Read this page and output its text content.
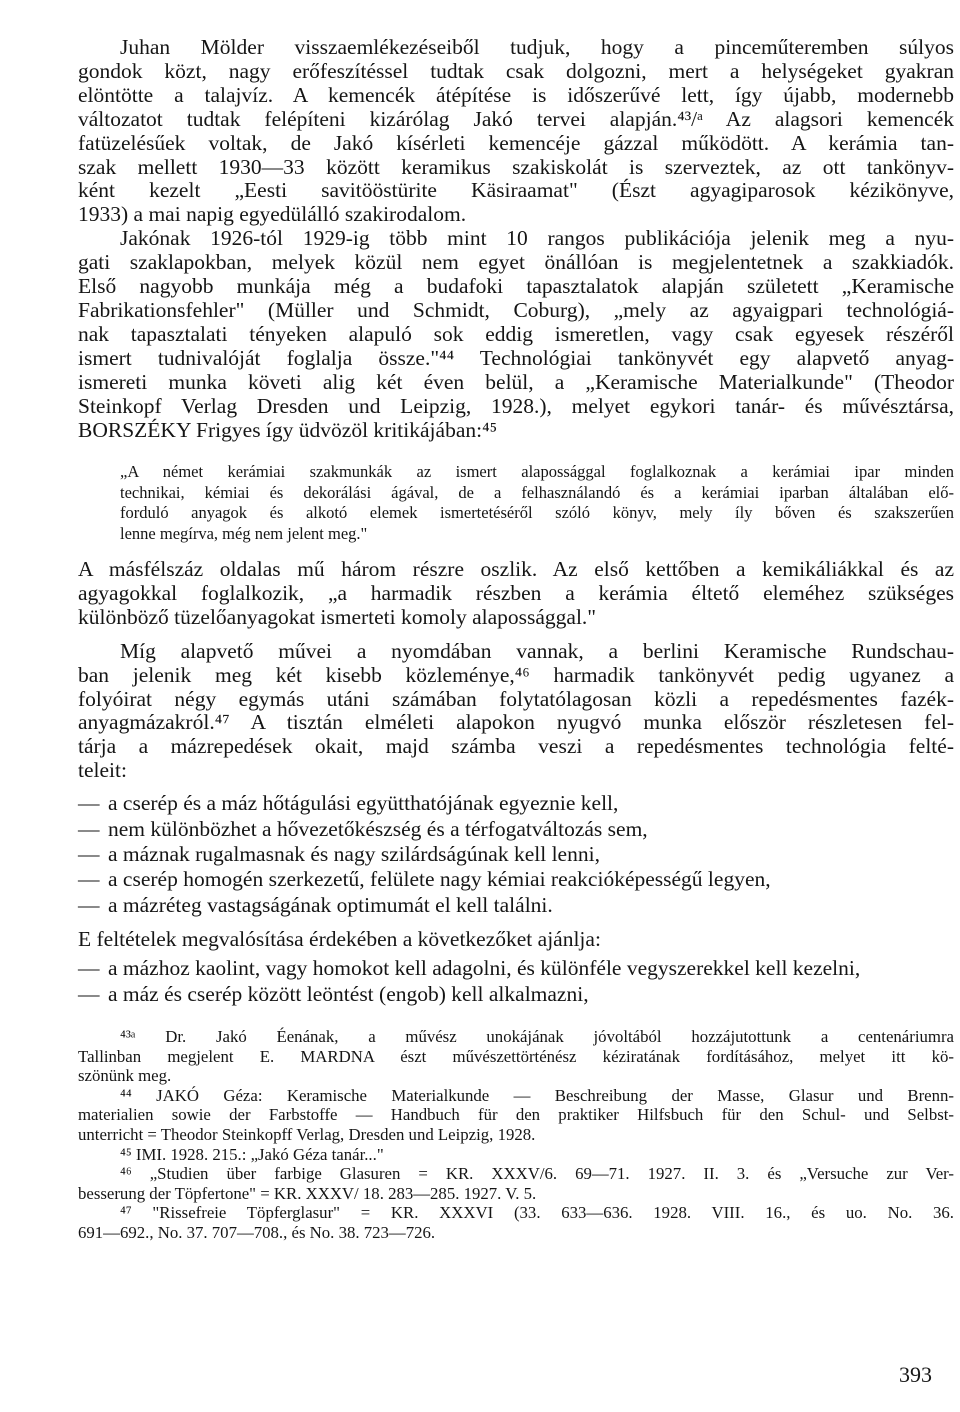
Juhan Mölder visszaemlékezéseiből tudjuk, hogy a pinceműteremben súlyos

gondok közt, nagy erőfeszítéssel tudtak csak dolgozni, mert a helységeket gyakran

elöntötte a talajvíz. A kemencék átépítése is időszerűvé lett, így újabb, modernebb

változatot tudtak felépíteni kizárólag Jakó tervei alapján.⁴³/ᵃ Az alagsori kemencék

fatüzelésűek voltak, de Jakó kísérleti kemencéje gázzal működött. A kerámia tan-

szak mellett 1930—33 között keramikus szakiskolát is szerveztek, az ott tankönyv-

ként kezelt „Eesti savitööstürite Käsiraamat" (Észt agyagiparosok kézikönyve,

1933) a mai napig egyedülálló szakirodalom.

Jakónak 1926-tól 1929-ig több mint 10 rangos publikációja jelenik meg a nyu-

gati szaklapokban, melyek közül nem egyet önállóan is megjelentetnek a szakkiadók.

Első nagyobb munkája még a budafoki tapasztalatok alapján született „Keramische

Fabrikationsfehler" (Müller und Schmidt, Coburg), „mely az agyaigpari technológiá-

nak tapasztalati tényeken alapuló sok eddig ismeretlen, vagy csak egyesek részéről

ismert tudnivalóját foglalja össze."⁴⁴ Technológiai tankönyvét egy alapvető anyag-

ismereti munka követi alig két éven belül, a „Keramische Materialkunde" (Theodor

Steinkopf Verlag Dresden und Leipzig, 1928.), melyet egykori tanár- és művésztársa,

BORSZÉKY Frigyes így üdvözöl kritikájában:⁴⁵

„A német kerámiai szakmunkák az ismert alapossággal foglalkoznak a kerámiai ipar minden

technikai, kémiai és dekorálási ágával, de a felhasználandó és a kerámiai iparban általában elő-

forduló anyagok és alkotó elemek ismertetéséről szóló könyv, mely íly bőven és szakszerűen

lenne megírva, még nem jelent meg."

A másfélszáz oldalas mű három részre oszlik. Az első kettőben a kemikáliákkal és az

agyagokkal foglalkozik, „a harmadik részben a kerámia éltető eleméhez szükséges

különböző tüzelőanyagokat ismerteti komoly alapossággal."

Míg alapvető művei a nyomdában vannak, a berlini Keramische Rundschau-

ban jelenik meg két kisebb közleménye,⁴⁶ harmadik tankönyvét pedig ugyanez a

folyóirat négy egymás utáni számában folytatólagosan közli a repedésmentes fazék-

anyagmázakról.⁴⁷ A tisztán elméleti alapokon nyugvó munka először részletesen fel-

tárja a mázrepedések okait, majd számba veszi a repedésmentes technológia felté-

teleit:

— a cserép és a máz hőtágulási együtthatójának egyeznie kell,
— nem különbözhet a hővezetőkészség és a térfogatváltozás sem,
— a máznak rugalmasnak és nagy szilárdságúnak kell lenni,
— a cserép homogén szerkezetű, felülete nagy kémiai reakcióképességű legyen,
— a mázréteg vastagságának optimumát el kell találni.

E feltételek megvalósítása érdekében a következőket ajánlja:

— a mázhoz kaolint, vagy homokot kell adagolni, és különféle vegyszerekkel kell kezelni,
— a máz és cserép között leöntést (engob) kell alkalmazni,

⁴³ᵃ Dr. Jakó Éenának, a művész unokájának jóvoltából hozzájutottunk a centenáriumra

Tallinban megjelent E. MARDNA észt művészettörténész kéziratának fordításához, melyet itt kö-

szönünk meg.

⁴⁴ JAKÓ Géza: Keramische Materialkunde — Beschreibung der Masse, Glasur und Brenn-

materialien sowie der Farbstoffe — Handbuch für den praktiker Hilfsbuch für den Schul- und Selbst-

unterricht = Theodor Steinkopff Verlag, Dresden und Leipzig, 1928.

⁴⁵ IMI. 1928. 215.: „Jakó Géza tanár..."

⁴⁶ „Studien über farbige Glasuren = KR. XXXV/6. 69—71. 1927. II. 3. és „Versuche zur Ver-

besserung der Töpfertone" = KR. XXXV/ 18. 283—285. 1927. V. 5.

⁴⁷ "Rissefreie Töpferglasur" = KR. XXXVI (33. 633—636. 1928. VIII. 16., és uo. No. 36.

691—692., No. 37. 707—708., és No. 38. 723—726.

393
